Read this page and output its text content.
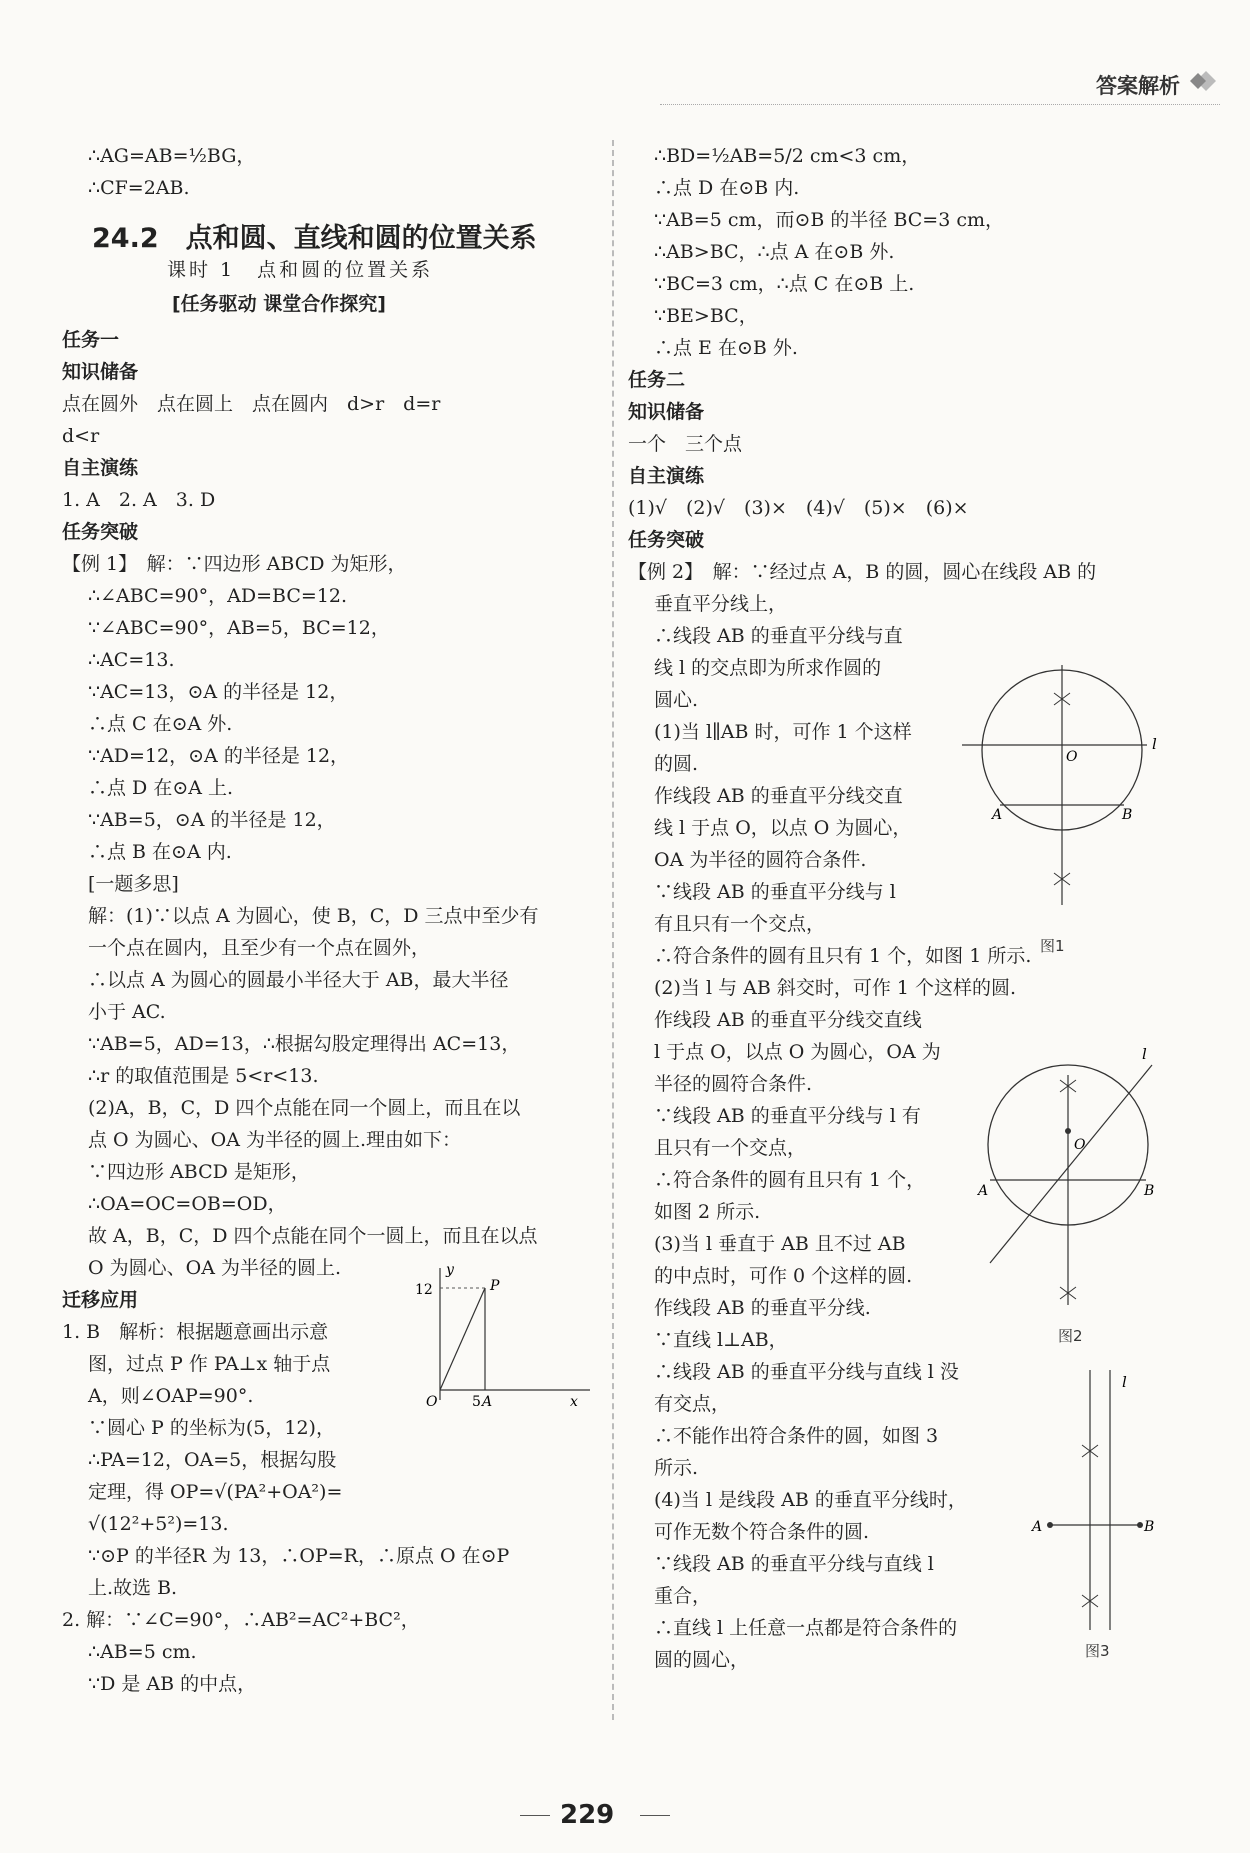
答案解析
∴AG=AB=½BG，
∴CF=2AB.
24.2　点和圆、直线和圆的位置关系
课时 1　点和圆的位置关系
[任务驱动 课堂合作探究]
任务一
知识储备
点在圆外　点在圆上　点在圆内　d>r　d=r
d<r
自主演练
1. A　2. A　3. D
任务突破
【例 1】　解：∵四边形 ABCD 为矩形，
∴∠ABC=90°，AD=BC=12.
∵∠ABC=90°，AB=5，BC=12，
∴AC=13.
∵AC=13，⊙A 的半径是 12，
∴点 C 在⊙A 外.
∵AD=12，⊙A 的半径是 12，
∴点 D 在⊙A 上.
∵AB=5，⊙A 的半径是 12，
∴点 B 在⊙A 内.
[一题多思]
解：(1)∵以点 A 为圆心，使 B，C，D 三点中至少有
一个点在圆内，且至少有一个点在圆外，
∴以点 A 为圆心的圆最小半径大于 AB，最大半径
小于 AC.
∵AB=5，AD=13，∴根据勾股定理得出 AC=13，
∴r 的取值范围是 5<r<13.
(2)A，B，C，D 四个点能在同一个圆上，而且在以
点 O 为圆心、OA 为半径的圆上.理由如下：
∵四边形 ABCD 是矩形，
∴OA=OC=OB=OD，
故 A，B，C，D 四个点能在同个一圆上，而且在以点
O 为圆心、OA 为半径的圆上.
迁移应用
1. B　解析：根据题意画出示意
图，过点 P 作 PA⊥x 轴于点
A，则∠OAP=90°.
∵圆心 P 的坐标为(5，12)，
∴PA=12，OA=5，根据勾股
定理，得 OP=√(PA²+OA²)=
√(12²+5²)=13.
∵⊙P 的半径R 为 13，∴OP=R，∴原点 O 在⊙P
上.故选 B.
2. 解：∵∠C=90°，∴AB²=AC²+BC²，
∴AB=5 cm.
∵D 是 AB 的中点，
12
y
P
O 5 A	x
∴BD=½AB=5/2 cm<3 cm，
∴点 D 在⊙B 内.
∵AB=5 cm，而⊙B 的半径 BC=3 cm，
∴AB>BC，∴点 A 在⊙B 外.
∵BC=3 cm，∴点 C 在⊙B 上.
∵BE>BC，
∴点 E 在⊙B 外.
任务二
知识储备
一个　三个点
自主演练
(1)√　(2)√　(3)×　(4)√　(5)×　(6)×
任务突破
【例 2】　解：∵经过点 A，B 的圆，圆心在线段 AB 的
垂直平分线上，
∴线段 AB 的垂直平分线与直
线 l 的交点即为所求作圆的
圆心.
(1)当 l∥AB 时，可作 1 个这样
的圆.
作线段 AB 的垂直平分线交直
线 l 于点 O，以点 O 为圆心，
OA 为半径的圆符合条件.
∵线段 AB 的垂直平分线与 l
有且只有一个交点，
∴符合条件的圆有且只有 1 个，如图 1 所示.
(2)当 l 与 AB 斜交时，可作 1 个这样的圆.
作线段 AB 的垂直平分线交直线
l 于点 O，以点 O 为圆心，OA 为
半径的圆符合条件.
∵线段 AB 的垂直平分线与 l 有
且只有一个交点，
∴符合条件的圆有且只有 1 个，
如图 2 所示.
(3)当 l 垂直于 AB 且不过 AB
的中点时，可作 0 个这样的圆.
作线段 AB 的垂直平分线.
∵直线 l⊥AB，
∴线段 AB 的垂直平分线与直线 l 没
有交点，
∴不能作出符合条件的圆，如图 3
所示.
(4)当 l 是线段 AB 的垂直平分线时，
可作无数个符合条件的圆.
∵线段 AB 的垂直平分线与直线 l
重合，
∴直线 l 上任意一点都是符合条件的
圆的圆心，
O
l
A	B
图1
O
l
A	B
图2
l
A	B
图3
229
